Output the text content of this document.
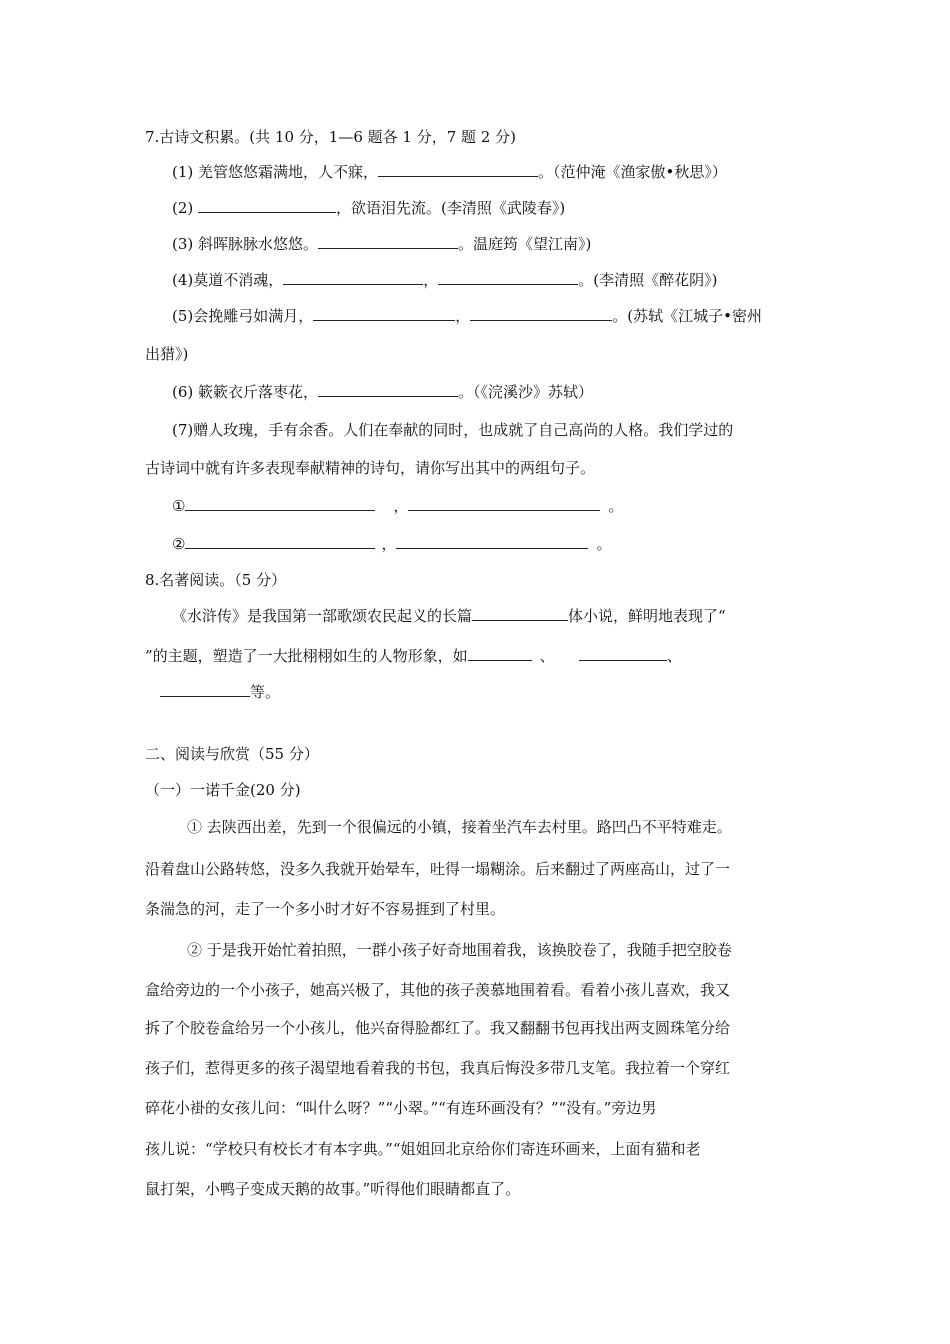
7.古诗文积累。(共 10 分，1—6 题各 1 分，7 题 2 分)
(1) 羌管悠悠霜满地，人不寐，	。（范仲淹《渔家傲•秋思》）
(2)	，欲语泪先流。(李清照《武陵春》)
(3) 斜晖脉脉水悠悠。	。温庭筠《望江南》)
(4)莫道不消魂，	，	。(李清照《醉花阴》)
(5)会挽雕弓如满月，	，	。(苏轼《江城子•密州
出猎》)
(6) 簌簌衣斤落枣花，	。（《浣溪沙》苏轼）
(7)赠人玫瑰，手有余香。人们在奉献的同时，也成就了自己高尚的人格。我们学过的
古诗词中就有许多表现奉献精神的诗句，请你写出其中的两组句子。
①	，	。
②	，	。
8.名著阅读。（5 分）
《水浒传》是我国第一部歌颂农民起义的长篇	体小说，鲜明地表现了“
”的主题，塑造了一大批栩栩如生的人物形象，如	、	、
等。
二、阅读与欣赏（55 分）
（一）一诺千金(20 分)
① 去陕西出差，先到一个很偏远的小镇，接着坐汽车去村里。路凹凸不平特难走。
沿着盘山公路转悠，没多久我就开始晕车，吐得一塌糊涂。后来翻过了两座高山，过了一
条湍急的河，走了一个多小时才好不容易捱到了村里。
② 于是我开始忙着拍照，一群小孩子好奇地围着我，该换胶卷了，我随手把空胶卷
盒给旁边的一个小孩子，她高兴极了，其他的孩子羡慕地围着看。看着小孩儿喜欢，我又
拆了个胶卷盒给另一个小孩儿，他兴奋得脸都红了。我又翻翻书包再找出两支圆珠笔分给
孩子们，惹得更多的孩子渴望地看着我的书包，我真后悔没多带几支笔。我拉着一个穿红
碎花小褂的女孩儿问：“叫什么呀？”“小翠。”“有连环画没有？”“没有。”旁边男
孩儿说：“学校只有校长才有本字典。”“姐姐回北京给你们寄连环画来，上面有猫和老
鼠打架，小鸭子变成天鹅的故事。”听得他们眼睛都直了。
